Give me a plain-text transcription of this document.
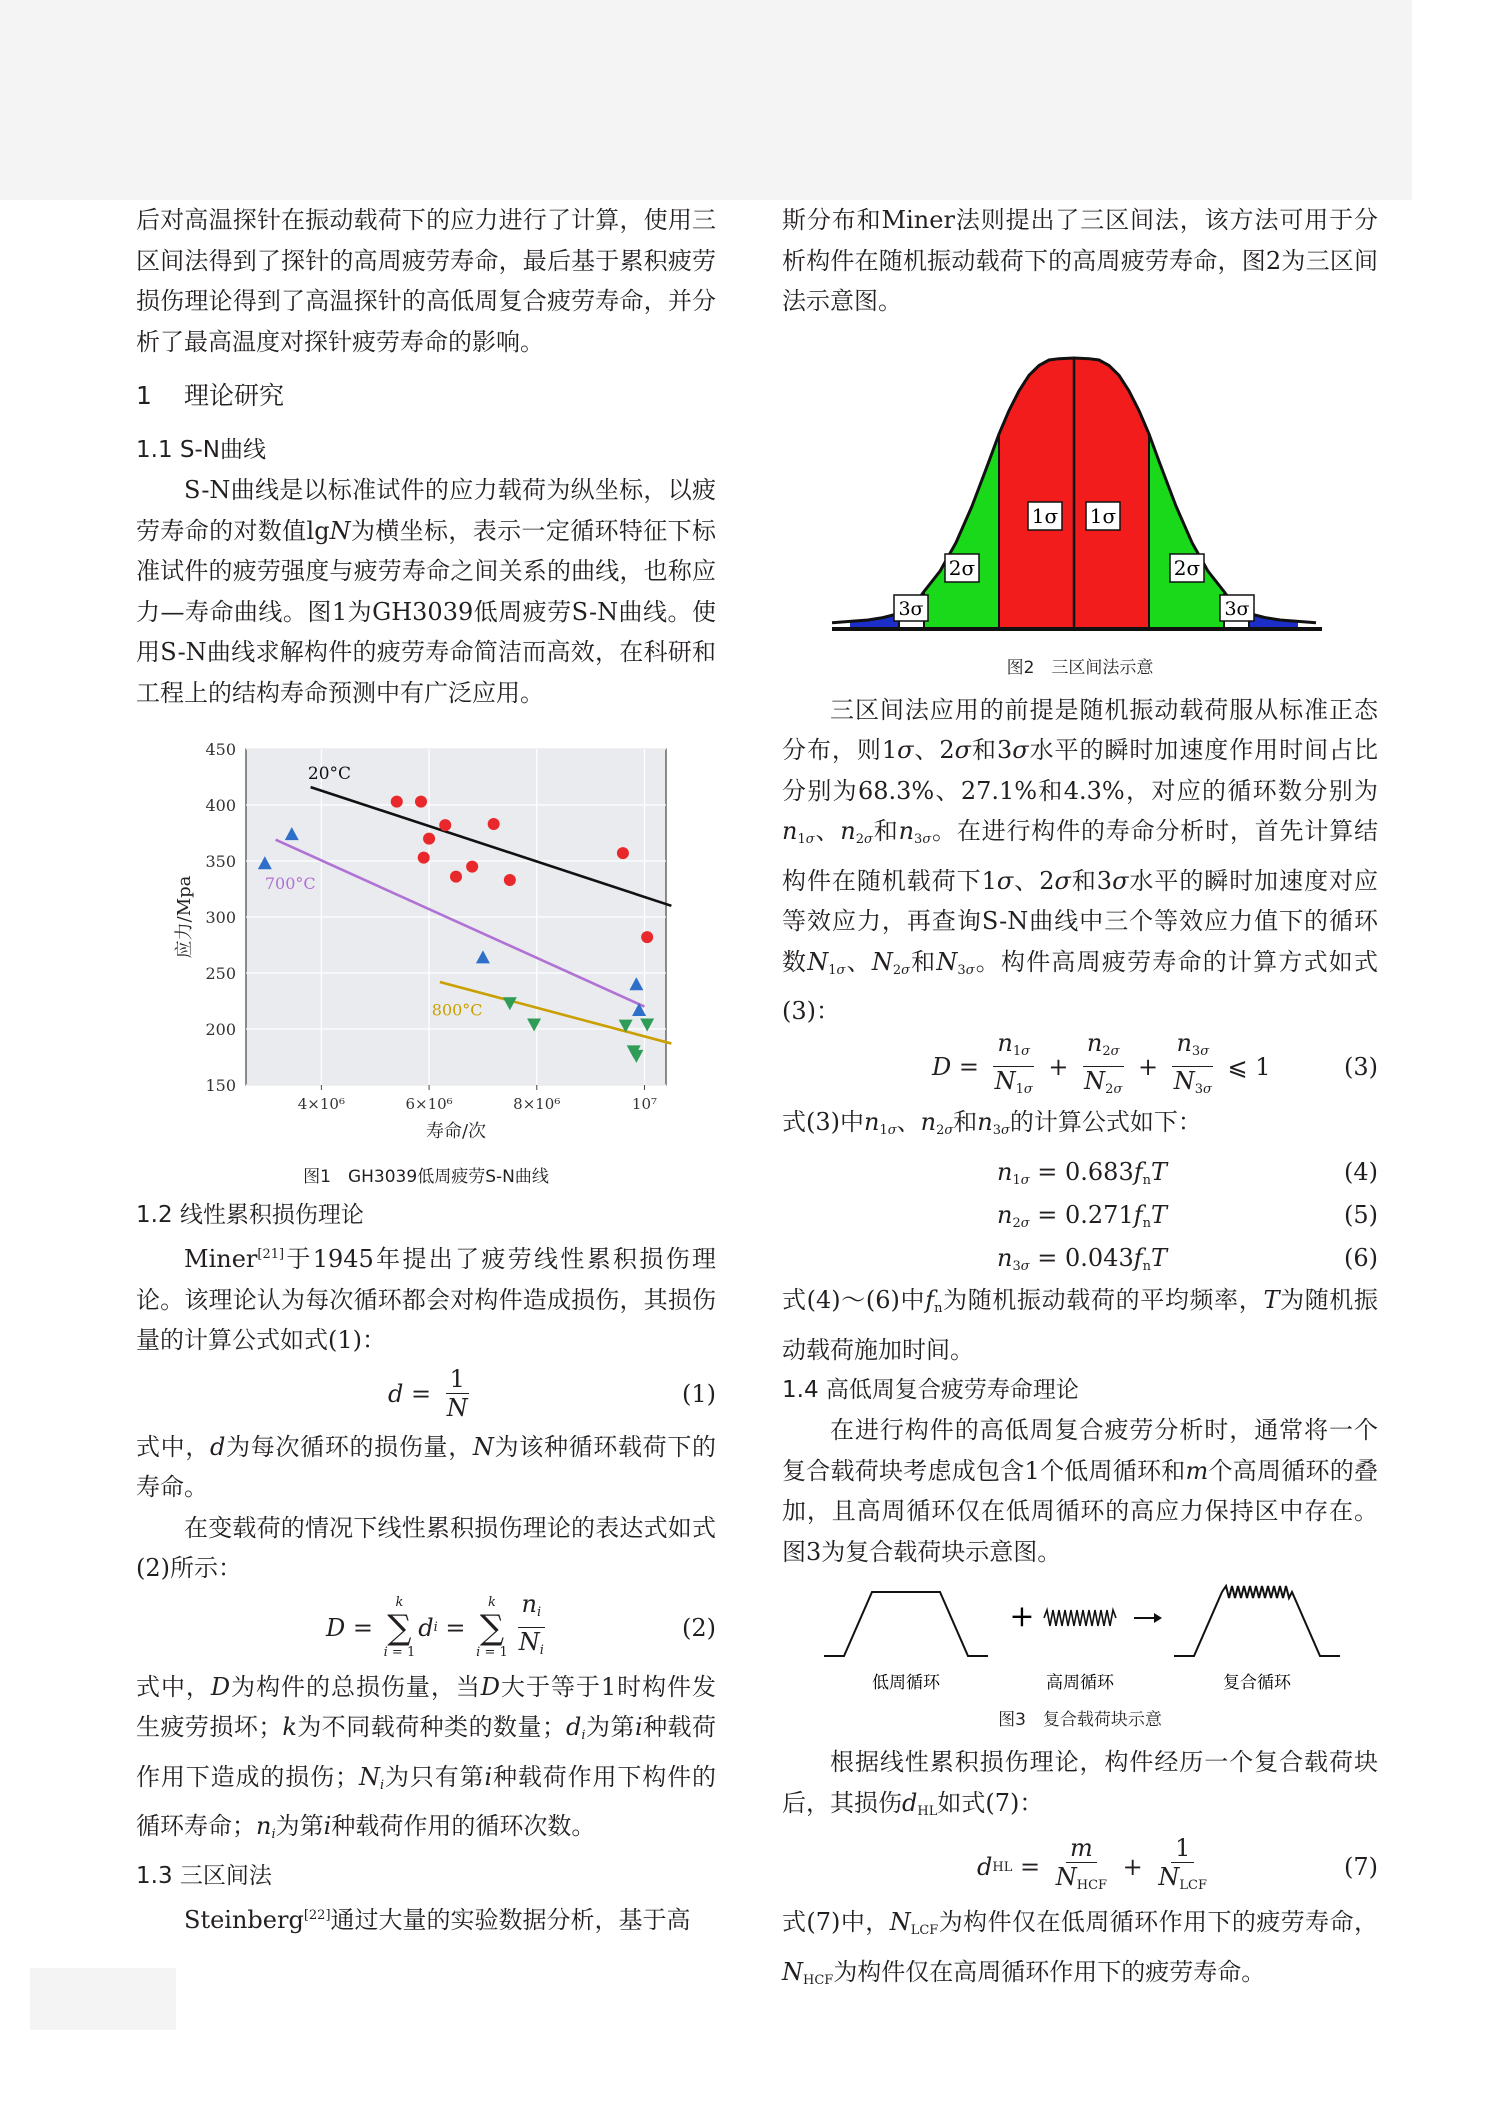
后对高温探针在振动载荷下的应力进行了计算，使用三区间法得到了探针的高周疲劳寿命，最后基于累积疲劳损伤理论得到了高温探针的高低周复合疲劳寿命，并分析了最高温度对探针疲劳寿命的影响。

1 理论研究
1.1 S-N曲线

S-N曲线是以标准试件的应力载荷为纵坐标，以疲劳寿命的对数值lgN为横坐标，表示一定循环特征下标准试件的疲劳强度与疲劳寿命之间关系的曲线，也称应力—寿命曲线。图1为GH3039低周疲劳S-N曲线。使用S-N曲线求解构件的疲劳寿命简洁而高效，在科研和工程上的结构寿命预测中有广泛应用。

150
200
250
300
350
400
450
4×10⁶	6×10⁶	8×10⁶	10⁷
20°C
700°C
800°C
寿命/次
应力/Mpa
图1　GH3039低周疲劳S-N曲线
1.2 线性累积损伤理论

Miner[21]于1945年提出了疲劳线性累积损伤理论。该理论认为每次循环都会对构件造成损伤，其损伤量的计算公式如式(1)：

$d = \frac{1}{N}$	(1)

式中，d为每次循环的损伤量，N为该种循环载荷下的寿命。

在变载荷的情况下线性累积损伤理论的表达式如式(2)所示：

D =
k
∑
i = 1
d i =
k
∑
$i = 1 \frac{n_i}{N_i}$	(2)

式中，D为构件的总损伤量，当D大于等于1时构件发生疲劳损坏；k为不同载荷种类的数量；$d_i$为第i种载荷作用下造成的损伤；$N_i$为只有第i种载荷作用下构件的循环寿命；$n_i$为第i种载荷作用的循环次数。

1.3 三区间法

Steinberg[22]通过大量的实验数据分析，基于高

斯分布和Miner法则提出了三区间法，该方法可用于分析构件在随机振动载荷下的高周疲劳寿命，图2为三区间法示意图。

1σ 1σ
2σ	2σ
3σ	3σ
图2　三区间法示意

三区间法应用的前提是随机振动载荷服从标准正态分布，则1σ、2σ和3σ水平的瞬时加速度作用时间占比分别为68.3%、27.1%和4.3%，对应的循环数分别为$n_{1\sigma}$、$n_{2\sigma}$和$n_{3\sigma}$。在进行构件的寿命分析时，首先计算结构件在随机载荷下1σ、2σ和3σ水平的瞬时加速度对应等效应力，再查询S-N曲线中三个等效应力值下的循环数$N_{1\sigma}$、$N_{2\sigma}$和$N_{3\sigma}$。构件高周疲劳寿命的计算方式如式(3)：

$D = \frac{n_{1\sigma}}{N_{1\sigma}} + \frac{n_{2\sigma}}{N_{2\sigma}} + \frac{n_{3\sigma}}{N_{3\sigma}}$ ⩽ 1	(3)

式(3)中$n_{1\sigma}$、$n_{2\sigma}$和$n_{3\sigma}$的计算公式如下：

$n_{1\sigma} = 0.683f_nT$	(4)
$n_{2\sigma} = 0.271f_nT$	(5)
$n_{3\sigma} = 0.043f_nT$	(6)

式(4)～(6)中$f_n$为随机振动载荷的平均频率，T为随机振动载荷施加时间。

1.4 高低周复合疲劳寿命理论

在进行构件的高低周复合疲劳分析时，通常将一个复合载荷块考虑成包含1个低周循环和m个高周循环的叠加，且高周循环仅在低周循环的高应力保持区中存在。图3为复合载荷块示意图。

+
低周循环	高周循环	复合循环
图3　复合载荷块示意

根据线性累积损伤理论，构件经历一个复合载荷块后，其损伤$d_{HL}$如式(7)：

d HL = $\frac{m}{N_{HCF}} + \frac{1}{N_{LCF}}$	(7)

式(7)中，$N_{LCF}$为构件仅在低周循环作用下的疲劳寿命，$N_{HCF}$为构件仅在高周循环作用下的疲劳寿命。
